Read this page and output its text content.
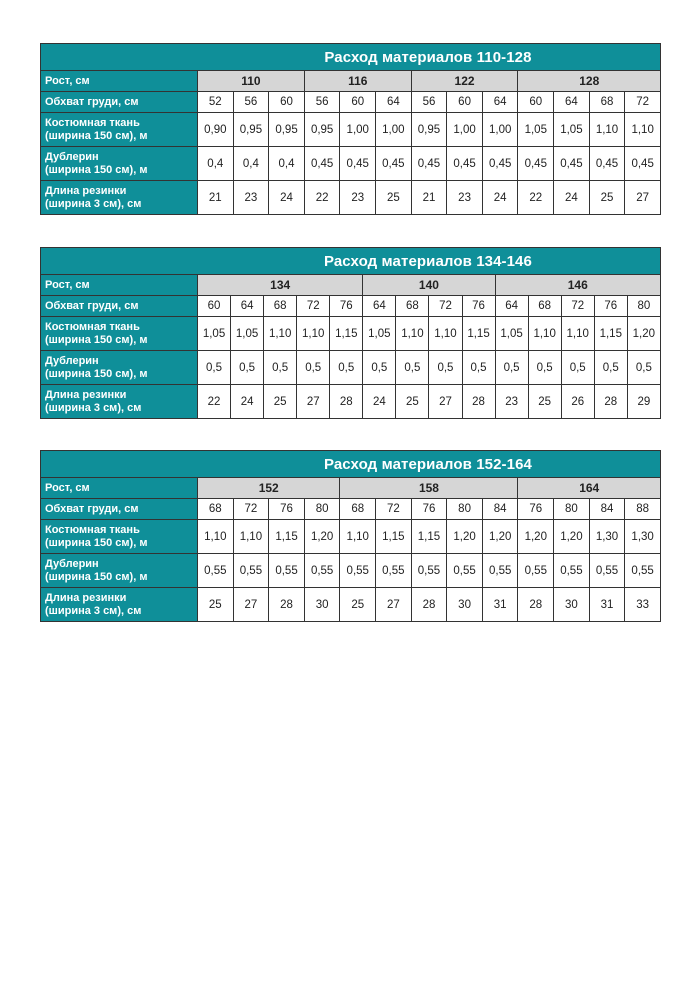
Расход материалов 110-128													
Рост, см	110			116			122			128			
Обхват груди, см	52	56	60	56	60	64	56	60	64	60	64	68	72
Костюмная ткань
(ширина 150 см), м	0,90	0,95	0,95	0,95	1,00	1,00	0,95	1,00	1,00	1,05	1,05	1,10	1,10
Дублерин
(ширина 150 см), м	0,4	0,4	0,4	0,45	0,45	0,45	0,45	0,45	0,45	0,45	0,45	0,45	0,45
Длина резинки
(ширина 3 см), см	21	23	24	22	23	25	21	23	24	22	24	25	27
Расход материалов 134-146														
Рост, см	134					140				146				
Обхват груди, см	60	64	68	72	76	64	68	72	76	64	68	72	76	80
Костюмная ткань
(ширина 150 см), м	1,05	1,05	1,10	1,10	1,15	1,05	1,10	1,10	1,15	1,05	1,10	1,10	1,15	1,20
Дублерин
(ширина 150 см), м	0,5	0,5	0,5	0,5	0,5	0,5	0,5	0,5	0,5	0,5	0,5	0,5	0,5	0,5
Длина резинки
(ширина 3 см), см	22	24	25	27	28	24	25	27	28	23	25	26	28	29
Расход материалов 152-164													
Рост, см	152				158					164			
Обхват груди, см	68	72	76	80	68	72	76	80	84	76	80	84	88
Костюмная ткань
(ширина 150 см), м	1,10	1,10	1,15	1,20	1,10	1,15	1,15	1,20	1,20	1,20	1,20	1,30	1,30
Дублерин
(ширина 150 см), м	0,55	0,55	0,55	0,55	0,55	0,55	0,55	0,55	0,55	0,55	0,55	0,55	0,55
Длина резинки
(ширина 3 см), см	25	27	28	30	25	27	28	30	31	28	30	31	33
